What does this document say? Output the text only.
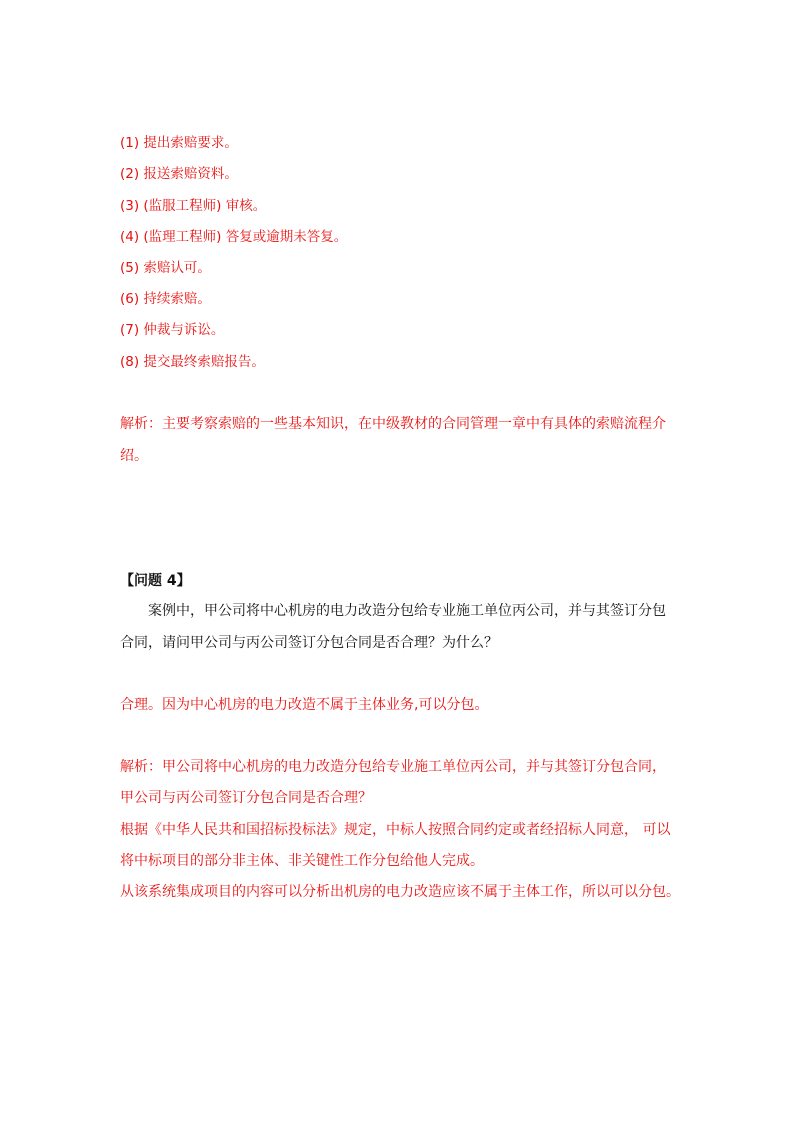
(1) 提出索赔要求。
(2) 报送索赔资料。
(3) (监服工程师) 审核。
(4) (监理工程师) 答复或逾期未答复。
(5) 索赔认可。
(6) 持续索赔。
(7) 仲裁与诉讼。
(8) 提交最终索赔报告。
解析：主要考察索赔的一些基本知识，在中级教材的合同管理一章中有具体的索赔流程介
绍。
【问题 4】
案例中，甲公司将中心机房的电力改造分包给专业施工单位丙公司，并与其签订分包
合同，请问甲公司与丙公司签订分包合同是否合理？为什么？
合理。因为中心机房的电力改造不属于主体业务,可以分包。
解析：甲公司将中心机房的电力改造分包给专业施工单位丙公司，并与其签订分包合同，
甲公司与丙公司签订分包合同是否合理？
根据《中华人民共和国招标投标法》规定，中标人按照合同约定或者经招标人同意， 可以
将中标项目的部分非主体、非关键性工作分包给他人完成。
从该系统集成项目的内容可以分析出机房的电力改造应该不属于主体工作，所以可以分包。
